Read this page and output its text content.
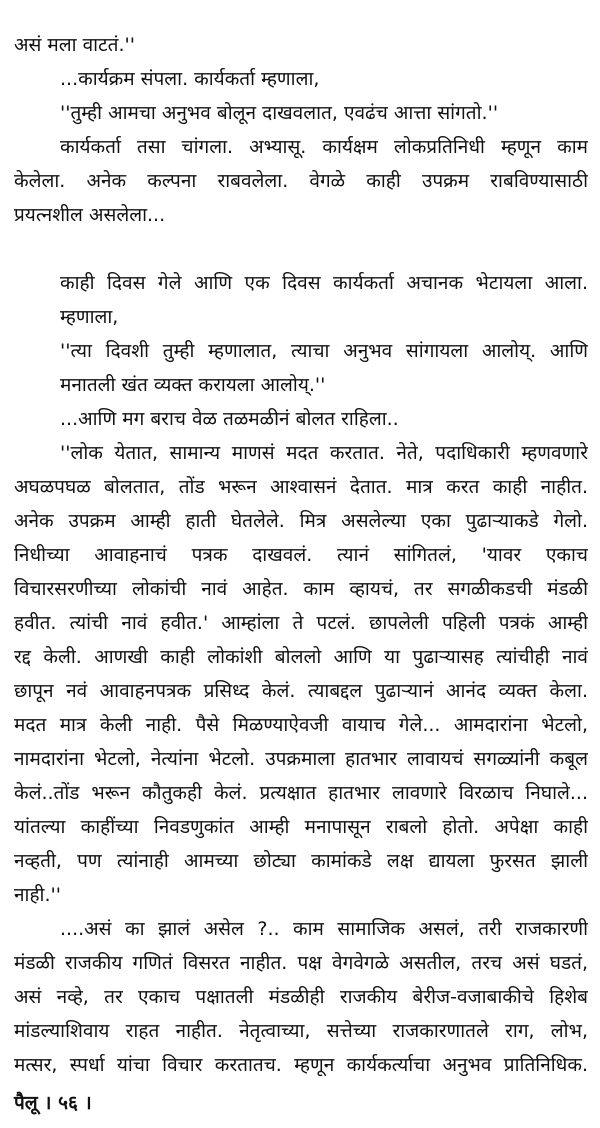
असं मला वाटतं.''
...कार्यक्रम संपला. कार्यकर्ता म्हणाला,
''तुम्ही आमचा अनुभव बोलून दाखवलात, एवढंच आत्ता सांगतो.''
कार्यकर्ता तसा चांगला. अभ्यासू. कार्यक्षम लोकप्रतिनिधी म्हणून काम
केलेला. अनेक कल्पना राबवलेला. वेगळे काही उपक्रम राबविण्यासाठी
प्रयत्नशील असलेला...
काही दिवस गेले आणि एक दिवस कार्यकर्ता अचानक भेटायला आला.
म्हणाला,
''त्या दिवशी तुम्ही म्हणालात, त्याचा अनुभव सांगायला आलोय्. आणि
मनातली खंत व्यक्त करायला आलोय्.''
...आणि मग बराच वेळ तळमळीनं बोलत राहिला..
''लोक येतात, सामान्य माणसं मदत करतात. नेते, पदाधिकारी म्हणवणारे
अघळपघळ बोलतात, तोंड भरून आश्वासनं देतात. मात्र करत काही नाहीत.
अनेक उपक्रम आम्ही हाती घेतलेले. मित्र असलेल्या एका पुढाऱ्याकडे गेलो.
निधीच्या आवाहनाचं पत्रक दाखवलं. त्यानं सांगितलं, 'यावर एकाच
विचारसरणीच्या लोकांची नावं आहेत. काम व्हायचं, तर सगळीकडची मंडळी
हवीत. त्यांची नावं हवीत.' आम्हांला ते पटलं. छापलेली पहिली पत्रकं आम्ही
रद्द केली. आणखी काही लोकांशी बोललो आणि या पुढाऱ्यासह त्यांचीही नावं
छापून नवं आवाहनपत्रक प्रसिध्द केलं. त्याबद्दल पुढाऱ्यानं आनंद व्यक्त केला.
मदत मात्र केली नाही. पैसे मिळण्याऐवजी वायाच गेले... आमदारांना भेटलो,
नामदारांना भेटलो, नेत्यांना भेटलो. उपक्रमाला हातभार लावायचं सगळ्यांनी कबूल
केलं..तोंड भरून कौतुकही केलं. प्रत्यक्षात हातभार लावणारे विरळाच निघाले...
यांतल्या काहींच्या निवडणुकांत आम्ही मनापासून राबलो होतो. अपेक्षा काही
नव्हती, पण त्यांनाही आमच्या छोट्या कामांकडे लक्ष द्यायला फुरसत झाली
नाही.''
....असं का झालं असेल ?.. काम सामाजिक असलं, तरी राजकारणी
मंडळी राजकीय गणितं विसरत नाहीत. पक्ष वेगवेगळे असतील, तरच असं घडतं,
असं नव्हे, तर एकाच पक्षातली मंडळीही राजकीय बेरीज-वजाबाकीचे हिशेब
मांडल्याशिवाय राहत नाहीत. नेतृत्वाच्या, सत्तेच्या राजकारणातले राग, लोभ,
मत्सर, स्पर्धा यांचा विचार करतातच. म्हणून कार्यकर्त्याचा अनुभव प्रातिनिधिक.
पैलू । ५६ ।
